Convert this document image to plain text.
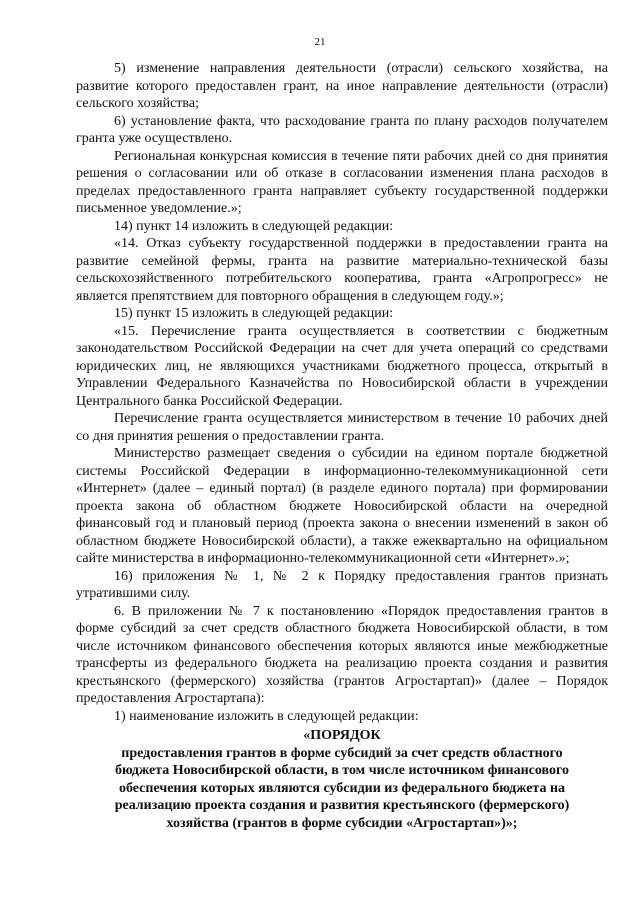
21

5) изменение направления деятельности (отрасли) сельского хозяйства, на развитие которого предоставлен грант, на иное направление деятельности (отрасли) сельского хозяйства;

6) установление факта, что расходование гранта по плану расходов получателем гранта уже осуществлено.

Региональная конкурсная комиссия в течение пяти рабочих дней со дня принятия решения о согласовании или об отказе в согласовании изменения плана расходов в пределах предоставленного гранта направляет субъекту государственной поддержки письменное уведомление.»;

14) пункт 14 изложить в следующей редакции:

«14. Отказ субъекту государственной поддержки в предоставлении гранта на развитие семейной фермы, гранта на развитие материально-технической базы сельскохозяйственного потребительского кооператива, гранта «Агропрогресс» не является препятствием для повторного обращения в следующем году.»;

15) пункт 15 изложить в следующей редакции:

«15. Перечисление гранта осуществляется в соответствии с бюджетным законодательством Российской Федерации на счет для учета операций со средствами юридических лиц, не являющихся участниками бюджетного процесса, открытый в Управлении Федерального Казначейства по Новосибирской области в учреждении Центрального банка Российской Федерации.

Перечисление гранта осуществляется министерством в течение 10 рабочих дней со дня принятия решения о предоставлении гранта.

Министерство размещает сведения о субсидии на едином портале бюджетной системы Российской Федерации в информационно-телекоммуникационной сети «Интернет» (далее – единый портал) (в разделе единого портала) при формировании проекта закона об областном бюджете Новосибирской области на очередной финансовый год и плановый период (проекта закона о внесении изменений в закон об областном бюджете Новосибирской области), а также ежеквартально на официальном сайте министерства в информационно-телекоммуникационной сети «Интернет».»;

16) приложения № 1, № 2 к Порядку предоставления грантов признать утратившими силу.

6. В приложении № 7 к постановлению «Порядок предоставления грантов в форме субсидий за счет средств областного бюджета Новосибирской области, в том числе источником финансового обеспечения которых являются иные межбюджетные трансферты из федерального бюджета на реализацию проекта создания и развития крестьянского (фермерского) хозяйства (грантов Агростартап)» (далее – Порядок предоставления Агростартапа):

1) наименование изложить в следующей редакции:

«ПОРЯДОК
предоставления грантов в форме субсидий за счет средств областного бюджета Новосибирской области, в том числе источником финансового обеспечения которых являются субсидии из федерального бюджета на реализацию проекта создания и развития крестьянского (фермерского) хозяйства (грантов в форме субсидии «Агростартап»)»;
